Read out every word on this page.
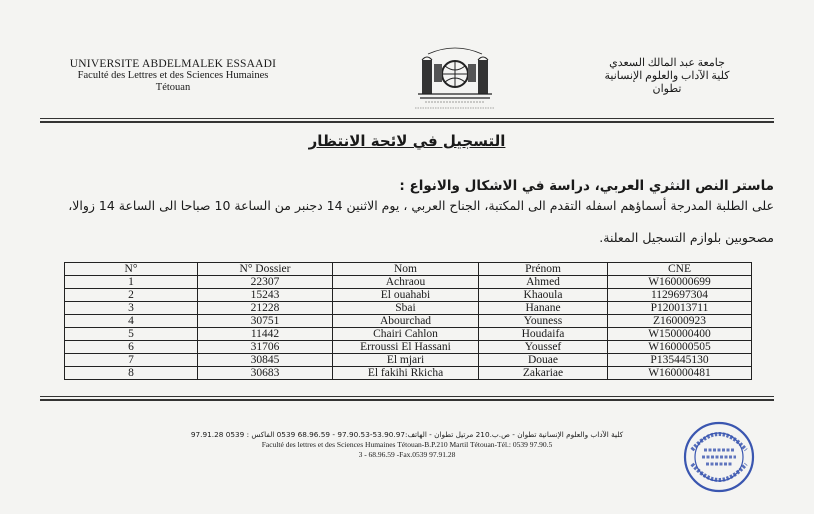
UNIVERSITE ABDELMALEK ESSAADI
Faculté des Lettres et des Sciences Humaines
Tétouan
جامعة عبد المالك السعدي
كلية الآداب والعلوم الإنسانية
تطوان
التسجيل في لائحة الانتظار
ماستر النص النثري العربي، دراسة في الاشكال والانواع :
على الطلبة المدرجة أسماؤهم اسفله التقدم الى المكتبة، الجناح العربي ، يوم الاثنين 14 دجنبر من الساعة 10 صباحا الى الساعة 14 زوالا،
مصحوبين بلوازم التسجيل المعلنة.
N°	N° Dossier	Nom	Prénom	CNE
1	22307	Achraou	Ahmed	W160000699
2	15243	El ouahabi	Khaoula	1129697304
3	21228	Sbai	Hanane	P120013711
4	30751	Abourchad	Youness	Z16000923
5	11442	Chairi Cahlon	Houdaifa	W150000400
6	31706	Erroussi El Hassani	Youssef	W160000505
7	30845	El mjari	Douae	P135445130
8	30683	El fakihi Rkicha	Zakariae	W160000481
كلية الآداب والعلوم الإنسانية تطوان - ص.ب.210 مرتيل تطوان - الهاتف:53.90.97-97.90.53 - 68.96.59 0539 الفاكس : 0539 97.91.28
Faculté des lettres et des Sciences Humaines Tétouan-B.P.210 Martil Tétouan-Tél.: 0539 97.90.5
3 - 68.96.59 -Fax.0539 97.91.28
